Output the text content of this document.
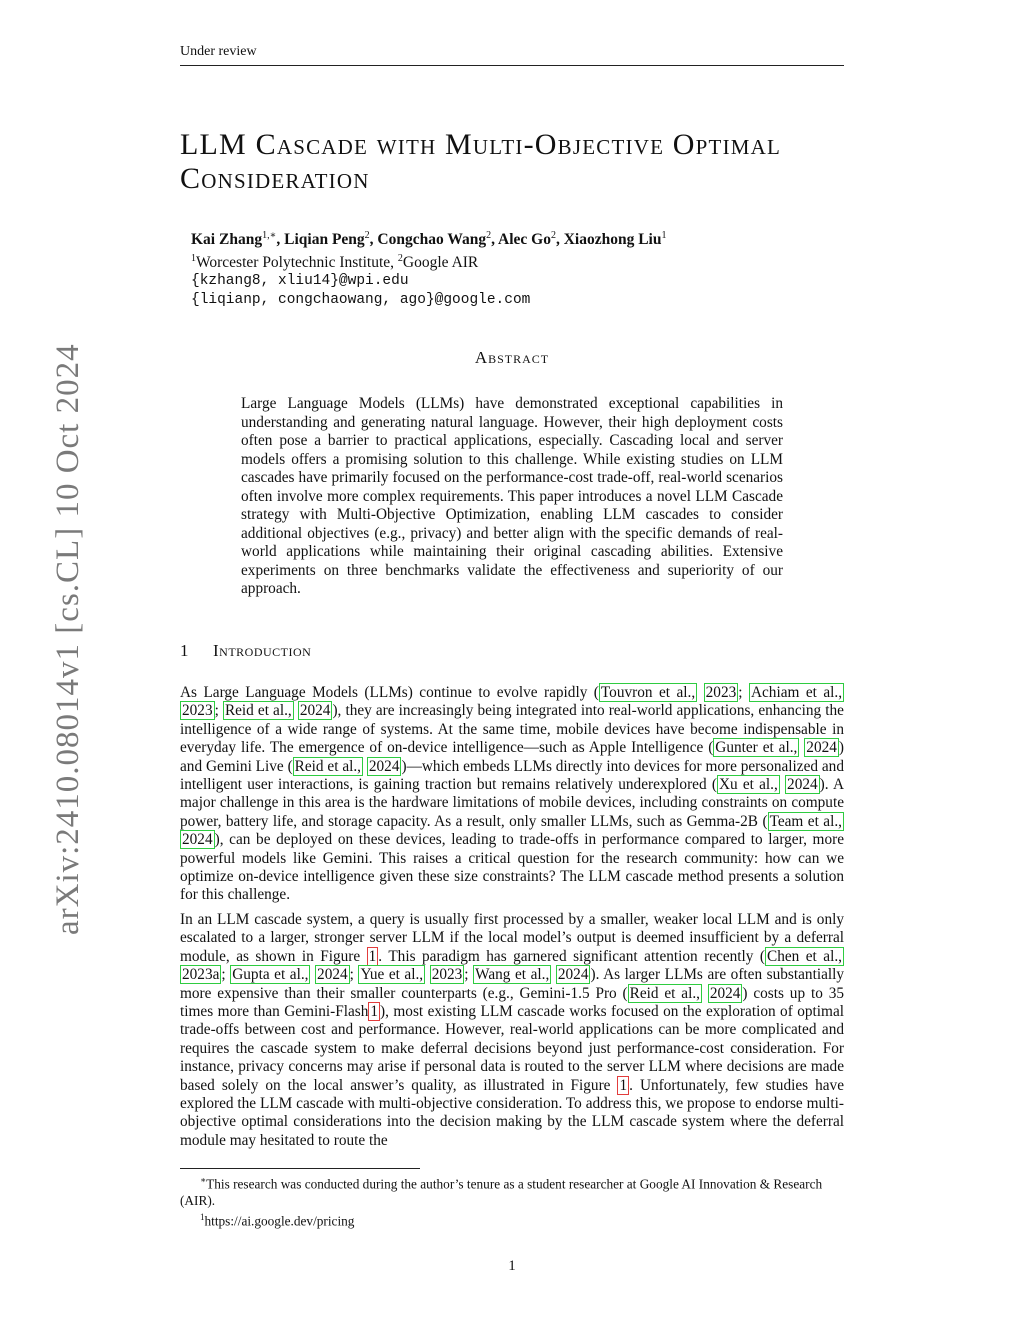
Under review
LLM Cascade with Multi-Objective Optimal
Consideration
Kai Zhang$^{1,∗}$, Liqian Peng$^2$, Congchao Wang$^2$, Alec Go$^2$, Xiaozhong Liu$^1$
$^1$Worcester Polytechnic Institute, $^2$Google AIR
{kzhang8, xliu14}@wpi.edu
{liqianp, congchaowang, ago}@google.com
arXiv:2410.08014v1 [cs.CL] 10 Oct 2024	Abstract
Large Language Models (LLMs) have demonstrated exceptional capabilities in understanding and generating natural language. However, their high deployment costs often pose a barrier to practical applications, especially. Cascading local and server models offers a promising solution to this challenge. While existing studies on LLM cascades have primarily focused on the performance-cost trade-off, real-world scenarios often involve more complex requirements. This paper introduces a novel LLM Cascade strategy with Multi-Objective Optimization, enabling LLM cascades to consider additional objectives (e.g., privacy) and better align with the specific demands of real-world applications while maintaining their original cascading abilities. Extensive experiments on three benchmarks validate the effectiveness and superiority of our approach.
1 Introduction

As Large Language Models (LLMs) continue to evolve rapidly ( Touvron et al., 2023 ; Achiam et al., 2023 ; Reid et al., 2024 ), they are increasingly being integrated into real-world applications, enhancing the intelligence of a wide range of systems. At the same time, mobile devices have become indispensable in everyday life. The emergence of on-device intelligence—such as Apple Intelligence ( Gunter et al., 2024 ) and Gemini Live ( Reid et al., 2024 )—which embeds LLMs directly into devices for more personalized and intelligent user interactions, is gaining traction but remains relatively underexplored ( Xu et al., 2024 ). A major challenge in this area is the hardware limitations of mobile devices, including constraints on compute power, battery life, and storage capacity. As a result, only smaller LLMs, such as Gemma-2B ( Team et al., 2024 ), can be deployed on these devices, leading to trade-offs in performance compared to larger, more powerful models like Gemini. This raises a critical question for the research community: how can we optimize on-device intelligence given these size constraints? The LLM cascade method presents a solution for this challenge.

In an LLM cascade system, a query is usually first processed by a smaller, weaker local LLM and is only escalated to a larger, stronger server LLM if the local model’s output is deemed insufficient by a deferral module, as shown in Figure 1 . This paradigm has garnered significant attention recently ( Chen et al., 2023a ; Gupta et al., 2024 ; Yue et al., 2023 ; Wang et al., 2024 ). As larger LLMs are often substantially more expensive than their smaller counterparts (e.g., Gemini-1.5 Pro ( Reid et al., 2024 ) costs up to 35 times more than Gemini-Flash 1 ), most existing LLM cascade works focused on the exploration of optimal trade-offs between cost and performance. However, real-world applications can be more complicated and requires the cascade system to make deferral decisions beyond just performance-cost consideration. For instance, privacy concerns may arise if personal data is routed to the server LLM where decisions are made based solely on the local answer’s quality, as illustrated in Figure 1 . Unfortunately, few studies have explored the LLM cascade with multi-objective consideration. To address this, we propose to endorse multi-objective optimal considerations into the decision making by the LLM cascade system where the deferral module may hesitated to route the

∗This research was conducted during the author’s tenure as a student researcher at Google AI Innovation & Research (AIR).

$^1$https://ai.google.dev/pricing

1
